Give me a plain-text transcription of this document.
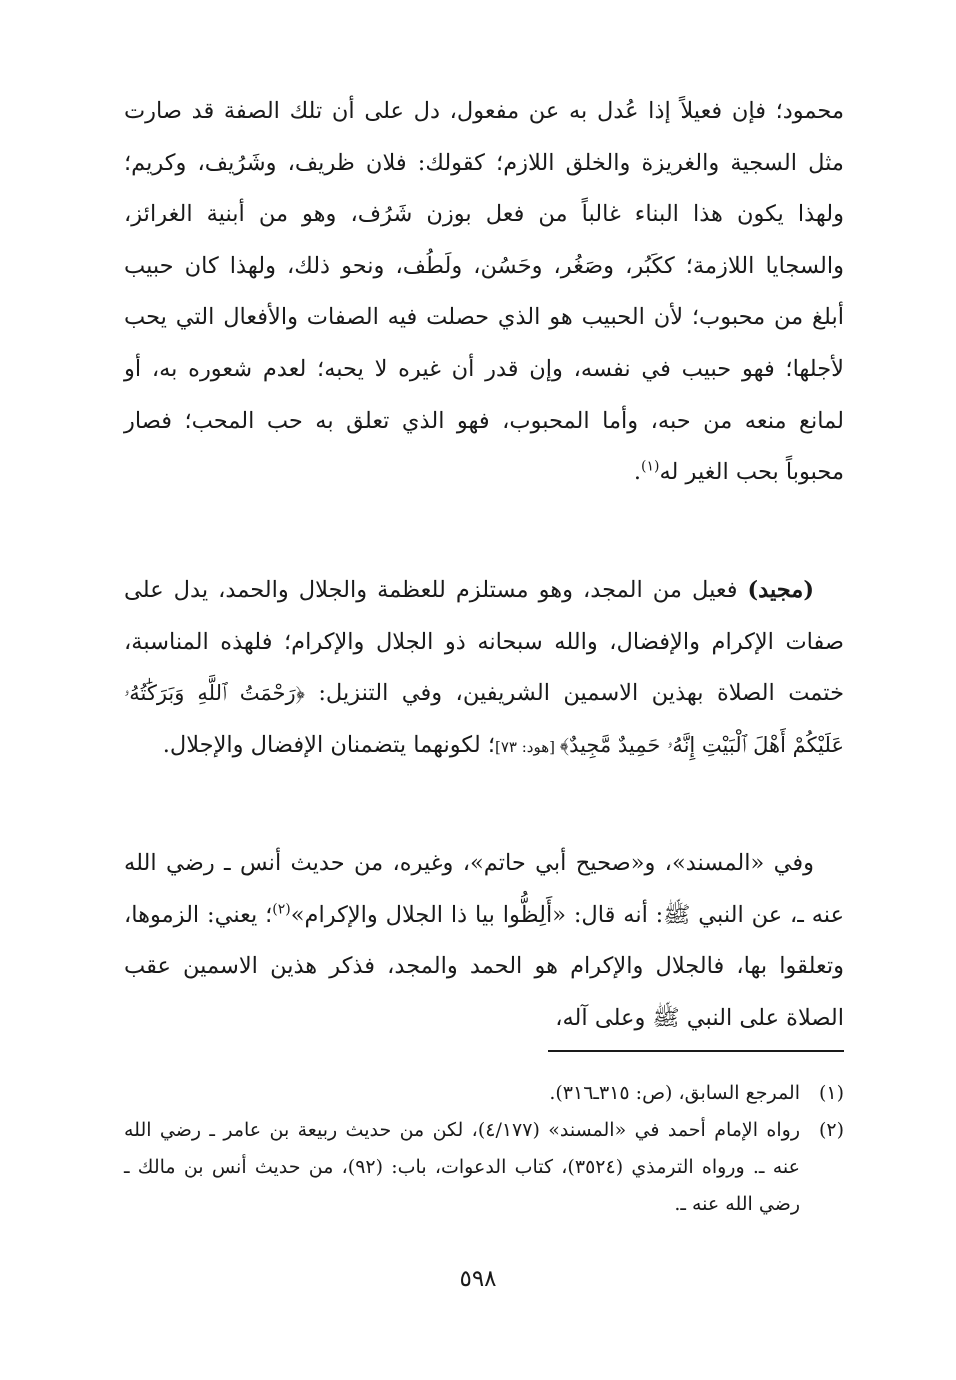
محمود؛ فإن فعيلاً إذا عُدل به عن مفعول، دل على أن تلك الصفة قد صارت مثل السجية والغريزة والخلق اللازم؛ كقولك: فلان ظريف، وشَرُيف، وكريم؛ ولهذا يكون هذا البناء غالباً من فعل بوزن شَرُف، وهو من أبنية الغرائز، والسجايا اللازمة؛ ككَبُر، وصَغُر، وحَسُن، ولَطُف، ونحو ذلك، ولهذا كان حبيب أبلغ من محبوب؛ لأن الحبيب هو الذي حصلت فيه الصفات والأفعال التي يحب لأجلها؛ فهو حبيب في نفسه، وإن قدر أن غيره لا يحبه؛ لعدم شعوره به، أو لمانع منعه من حبه، وأما المحبوب، فهو الذي تعلق به حب المحب؛ فصار محبوباً بحب الغير له$^{(١)}$.

(مجيد) فعيل من المجد، وهو مستلزم للعظمة والجلال والحمد، يدل على صفات الإكرام والإفضال، والله سبحانه ذو الجلال والإكرام؛ فلهذه المناسبة، ختمت الصلاة بهذين الاسمين الشريفين، وفي التنزيل: ﴿رَحْمَتُ ٱللَّهِ وَبَرَكَٰتُهُۥ عَلَيْكُمْ أَهْلَ ٱلْبَيْتِ إِنَّهُۥ حَمِيدٌ مَّجِيدٌ﴾ [هود: ٧٣]؛ لكونهما يتضمنان الإفضال والإجلال.

وفي «المسند»، و«صحيح أبي حاتم»، وغيره، من حديث أنس ـ رضي الله عنه ـ، عن النبي ﷺ: أنه قال: «أَلِظُّوا بيا ذا الجلال والإكرام»$^{(٢)}$؛ يعني: الزموها، وتعلقوا بها، فالجلال والإكرام هو الحمد والمجد، فذكر هذين الاسمين عقب الصلاة على النبي ﷺ وعلى آله،

(١)
المرجع السابق، (ص: ٣١٥ـ٣١٦).
(٢)
رواه الإمام أحمد في «المسند» (٤/١٧٧)، لكن من حديث ربيعة بن عامر ـ رضي الله عنه ـ. ورواه الترمذي (٣٥٢٤)، كتاب الدعوات، باب: (٩٢)، من حديث أنس بن مالك ـ رضي الله عنه ـ.
٥٩٨
